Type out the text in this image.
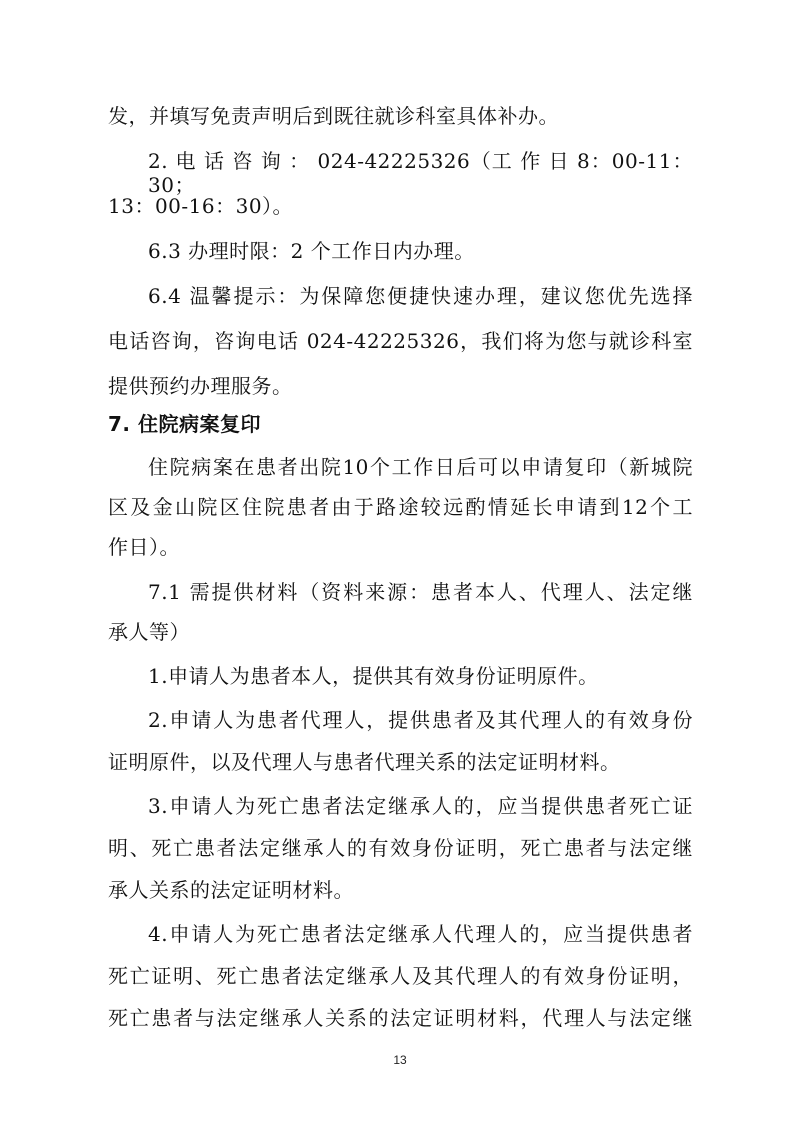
发，并填写免责声明后到既往就诊科室具体补办。
2. 电 话 咨 询 ： 024-42225326（工 作 日 8：00-11：30；
13：00-16：30）。
6.3 办理时限：2 个工作日内办理。
6.4 温馨提示：为保障您便捷快速办理，建议您优先选择
电话咨询，咨询电话 024-42225326，我们将为您与就诊科室
提供预约办理服务。
7. 住院病案复印
住院病案在患者出院10个工作日后可以申请复印（新城院
区及金山院区住院患者由于路途较远酌情延长申请到12个工
作日）。
7.1 需提供材料（资料来源：患者本人、代理人、法定继
承人等）
1.申请人为患者本人，提供其有效身份证明原件。
2.申请人为患者代理人，提供患者及其代理人的有效身份
证明原件，以及代理人与患者代理关系的法定证明材料。
3.申请人为死亡患者法定继承人的，应当提供患者死亡证
明、死亡患者法定继承人的有效身份证明，死亡患者与法定继
承人关系的法定证明材料。
4.申请人为死亡患者法定继承人代理人的，应当提供患者
死亡证明、死亡患者法定继承人及其代理人的有效身份证明，
死亡患者与法定继承人关系的法定证明材料，代理人与法定继
13
